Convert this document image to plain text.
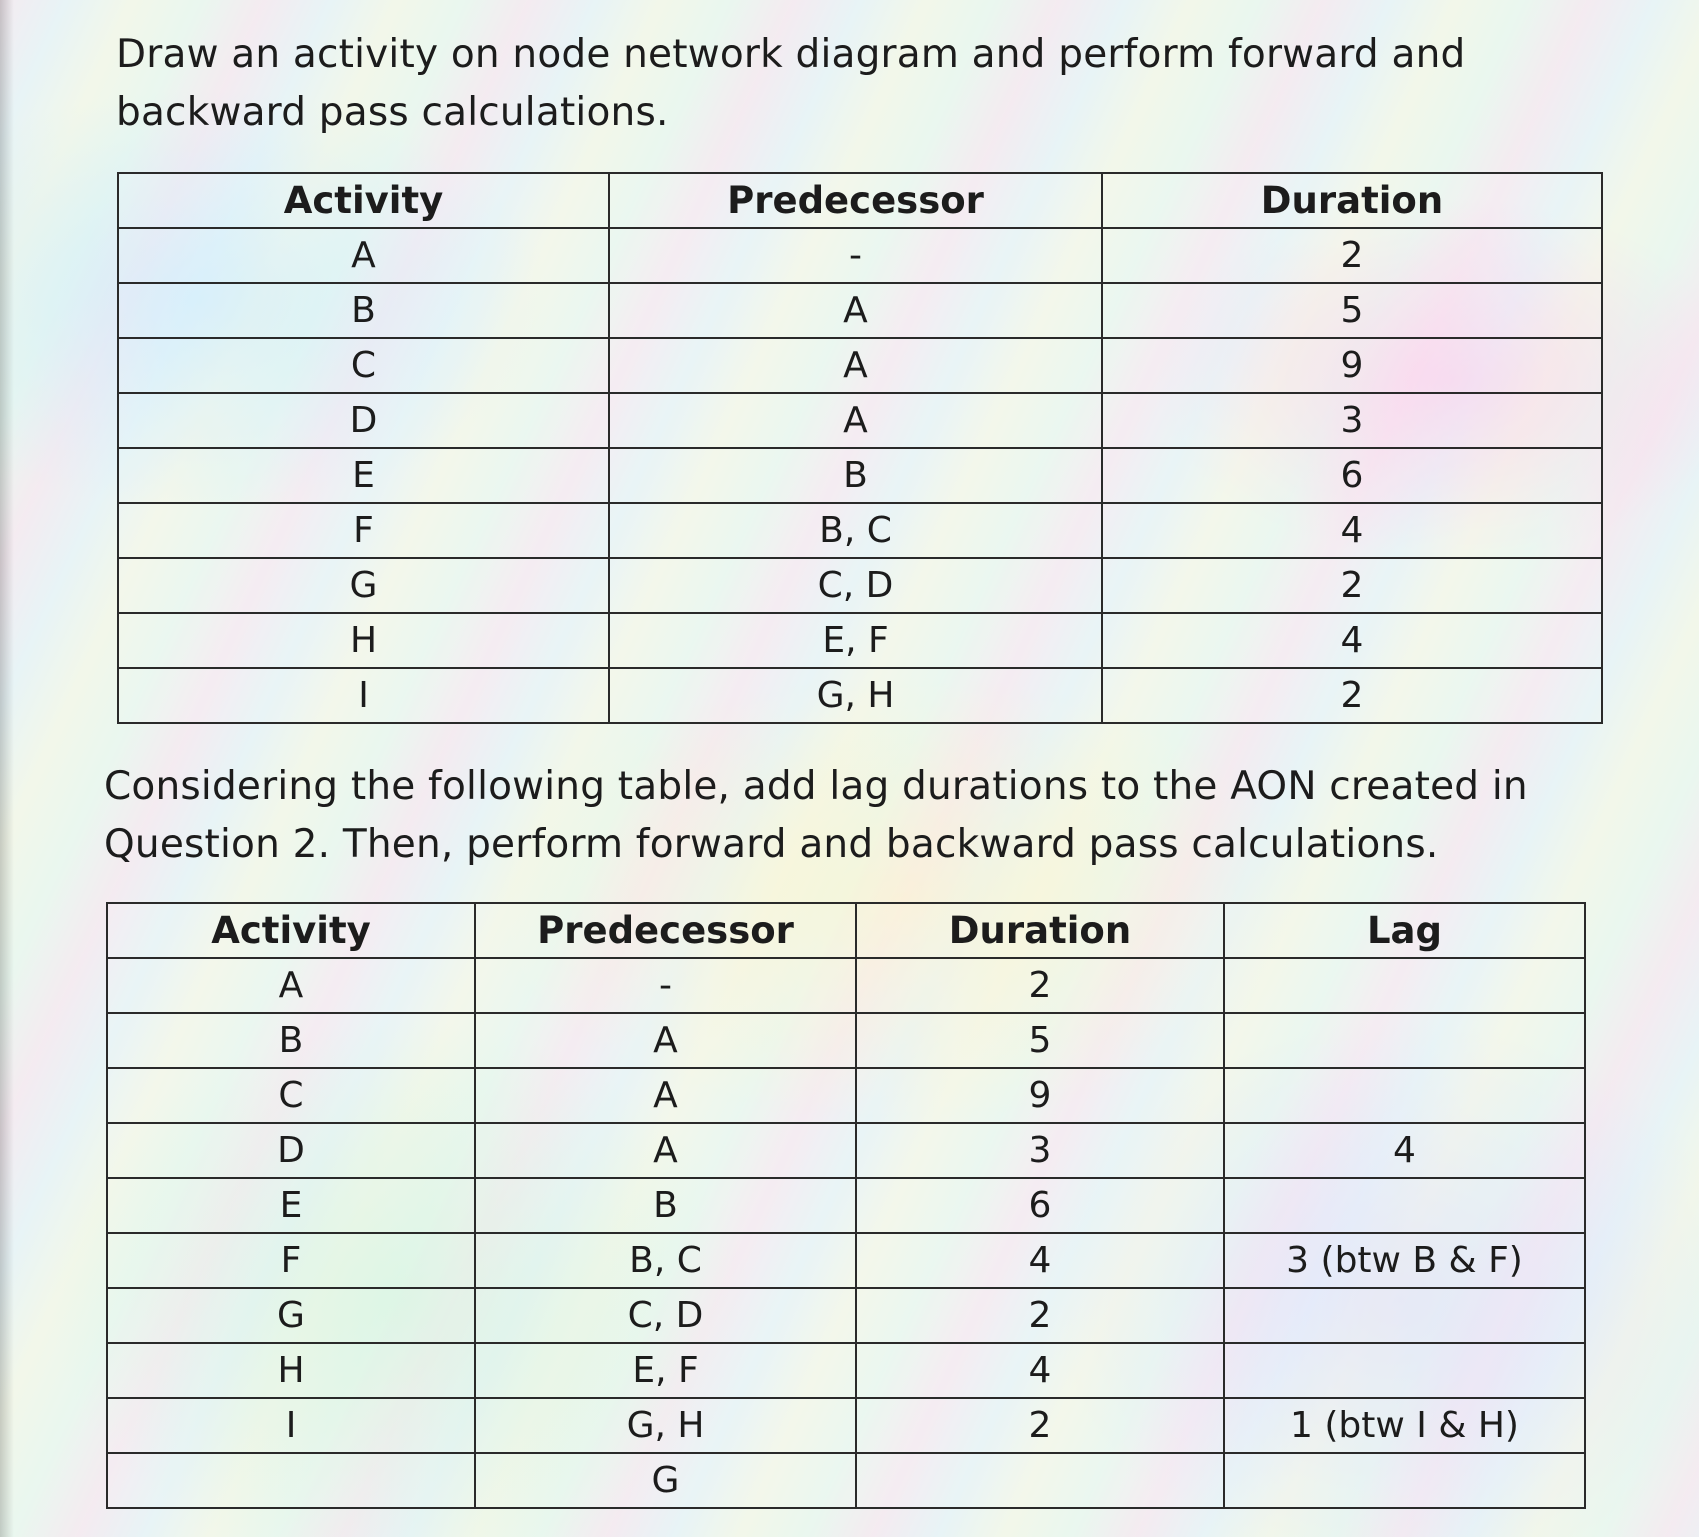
Draw an activity on node network diagram and perform forward and backward pass calculations.

Activity	Predecessor	Duration
A	-	2
B	A	5
C	A	9
D	A	3
E	B	6
F	B, C	4
G	C, D	2
H	E, F	4
I	G, H	2

Considering the following table, add lag durations to the AON created in Question 2. Then, perform forward and backward pass calculations.

Activity	Predecessor	Duration	Lag
A	-	2	
B	A	5	
C	A	9	
D	A	3	4
E	B	6	
F	B, C	4	3 (btw B & F)
G	C, D	2	
H	E, F	4	
I	G, H	2	1 (btw I & H)
	G		
